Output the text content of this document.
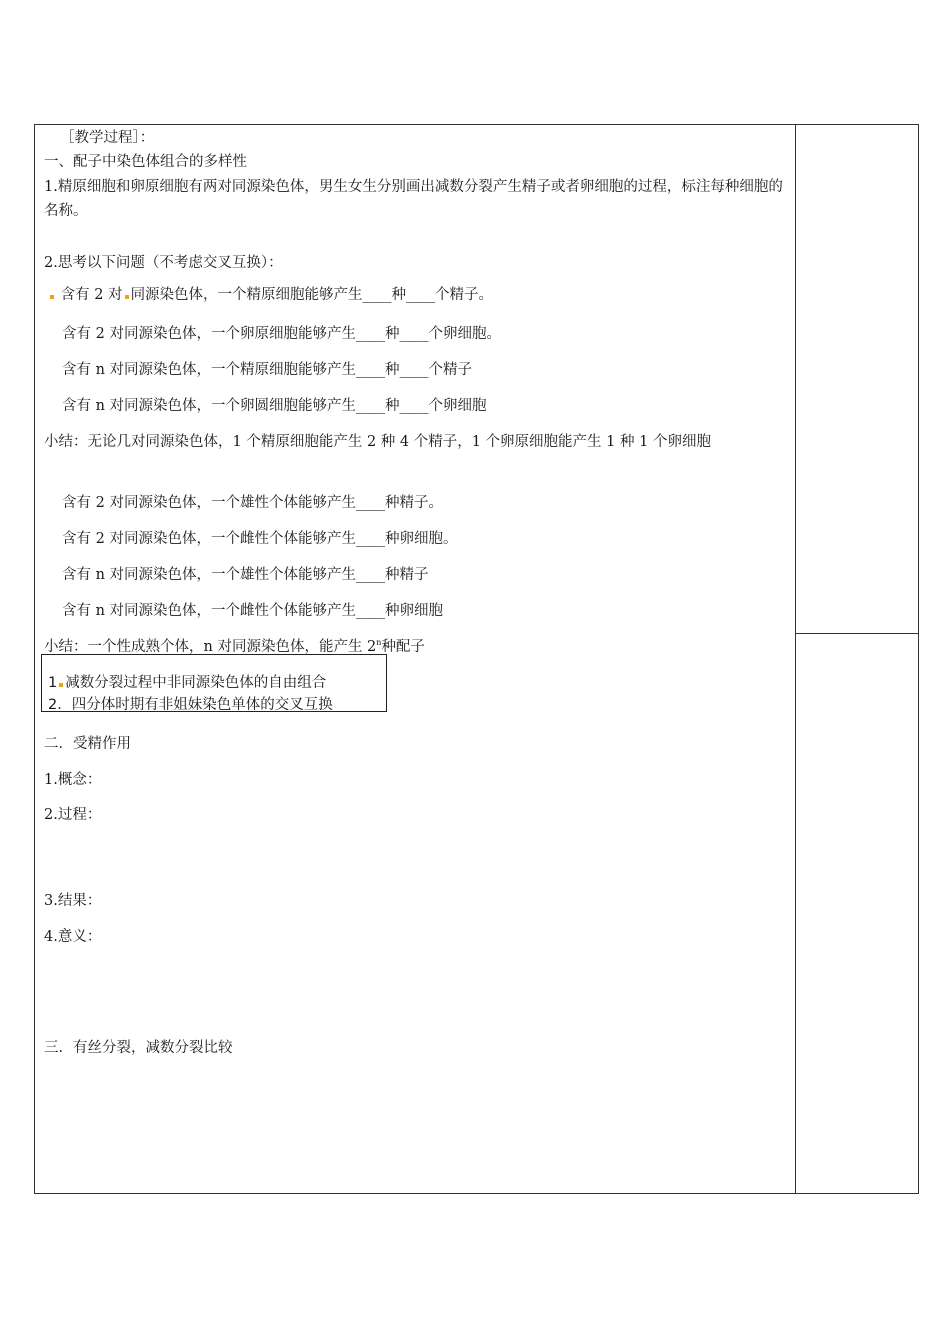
［教学过程］：
一、配子中染色体组合的多样性
1.精原细胞和卵原细胞有两对同源染色体，男生女生分别画出减数分裂产生精子或者卵细胞的过程，标注每种细胞的名称。
2.思考以下问题（不考虑交叉互换）：
含有 2 对 同源染色体，一个精原细胞能够产生____种____个精子。
含有 2 对同源染色体，一个卵原细胞能够产生____种____个卵细胞。
含有 n 对同源染色体，一个精原细胞能够产生____种____个精子
含有 n 对同源染色体，一个卵圆细胞能够产生____种____个卵细胞
小结：无论几对同源染色体，1 个精原细胞能产生 2 种 4 个精子，1 个卵原细胞能产生 1 种 1 个卵细胞
含有 2 对同源染色体，一个雄性个体能够产生____种精子。
含有 2 对同源染色体，一个雌性个体能够产生____种卵细胞。
含有 n 对同源染色体，一个雄性个体能够产生____种精子
含有 n 对同源染色体，一个雌性个体能够产生____种卵细胞
小结：一个性成熟个体，n 对同源染色体，能产生 2$^n$种配子
1 减数分裂过程中非同源染色体的自由组合
2．四分体时期有非姐妹染色单体的交叉互换
二．受精作用
1.概念：
2.过程：
3.结果：
4.意义：
三．有丝分裂，减数分裂比较
